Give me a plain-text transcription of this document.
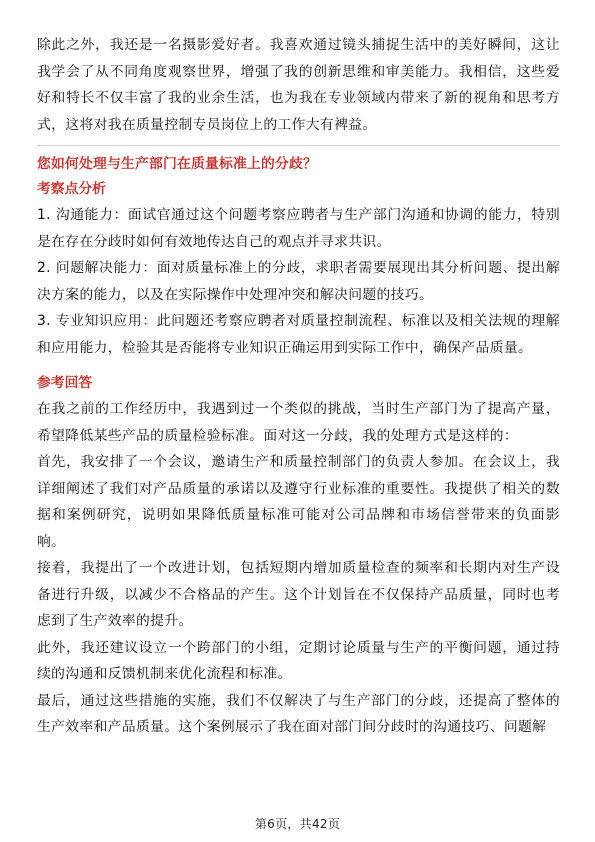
除此之外，我还是一名摄影爱好者。我喜欢通过镜头捕捉生活中的美好瞬间，这让我学会了从不同角度观察世界，增强了我的创新思维和审美能力。我相信，这些爱好和特长不仅丰富了我的业余生活，也为我在专业领域内带来了新的视角和思考方式，这将对我在质量控制专员岗位上的工作大有裨益。

您如何处理与生产部门在质量标准上的分歧？
考察点分析

1. 沟通能力：面试官通过这个问题考察应聘者与生产部门沟通和协调的能力，特别是在存在分歧时如何有效地传达自己的观点并寻求共识。

2. 问题解决能力：面对质量标准上的分歧，求职者需要展现出其分析问题、提出解决方案的能力，以及在实际操作中处理冲突和解决问题的技巧。

3. 专业知识应用：此问题还考察应聘者对质量控制流程、标准以及相关法规的理解和应用能力，检验其是否能将专业知识正确运用到实际工作中，确保产品质量。

参考回答

在我之前的工作经历中，我遇到过一个类似的挑战，当时生产部门为了提高产量，希望降低某些产品的质量检验标准。面对这一分歧，我的处理方式是这样的：

首先，我安排了一个会议，邀请生产和质量控制部门的负责人参加。在会议上，我详细阐述了我们对产品质量的承诺以及遵守行业标准的重要性。我提供了相关的数据和案例研究，说明如果降低质量标准可能对公司品牌和市场信誉带来的负面影响。

接着，我提出了一个改进计划，包括短期内增加质量检查的频率和长期内对生产设备进行升级，以减少不合格品的产生。这个计划旨在不仅保持产品质量，同时也考虑到了生产效率的提升。

此外，我还建议设立一个跨部门的小组，定期讨论质量与生产的平衡问题，通过持续的沟通和反馈机制来优化流程和标准。

最后，通过这些措施的实施，我们不仅解决了与生产部门的分歧，还提高了整体的生产效率和产品质量。这个案例展示了我在面对部门间分歧时的沟通技巧、问题解

第6页，共42页
